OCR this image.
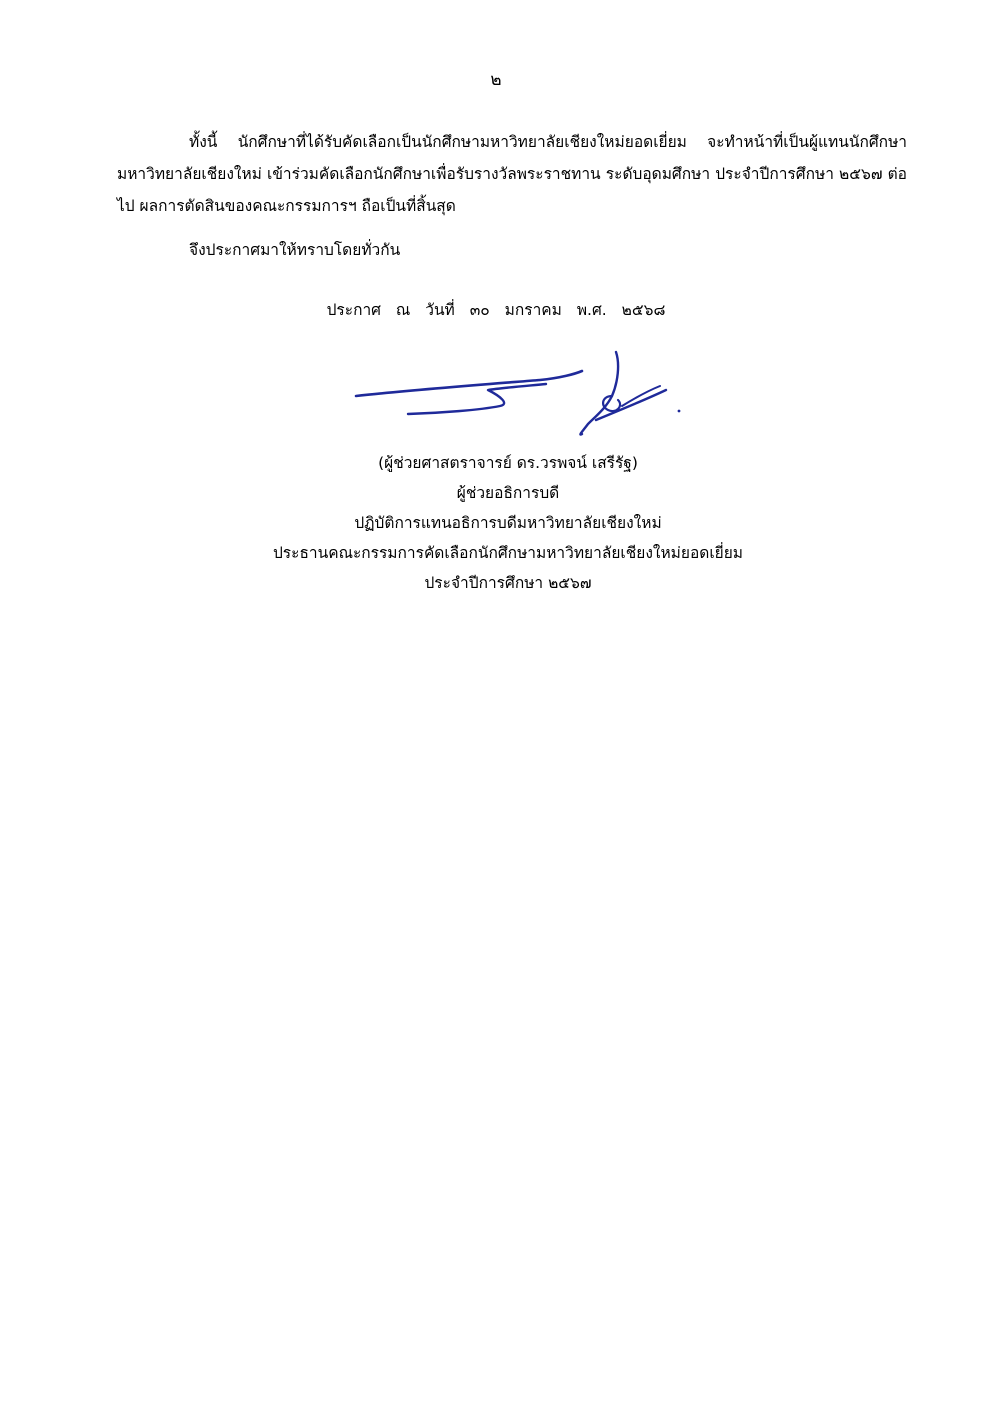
๒

ทั้งนี้ นักศึกษาที่ได้รับคัดเลือกเป็นนักศึกษามหาวิทยาลัยเชียงใหม่ยอดเยี่ยม จะทำหน้าที่เป็นผู้แทนนักศึกษามหาวิทยาลัยเชียงใหม่ เข้าร่วมคัดเลือกนักศึกษาเพื่อรับรางวัลพระราชทาน ระดับอุดมศึกษา ประจำปีการศึกษา ๒๕๖๗ ต่อไป ผลการตัดสินของคณะกรรมการฯ ถือเป็นที่สิ้นสุด

จึงประกาศมาให้ทราบโดยทั่วกัน
ประกาศ ณ วันที่ ๓๐ มกราคม พ.ศ. ๒๕๖๘
(ผู้ช่วยศาสตราจารย์ ดร.วรพจน์ เสรีรัฐ)
ผู้ช่วยอธิการบดี
ปฏิบัติการแทนอธิการบดีมหาวิทยาลัยเชียงใหม่
ประธานคณะกรรมการคัดเลือกนักศึกษามหาวิทยาลัยเชียงใหม่ยอดเยี่ยม
ประจำปีการศึกษา ๒๕๖๗
